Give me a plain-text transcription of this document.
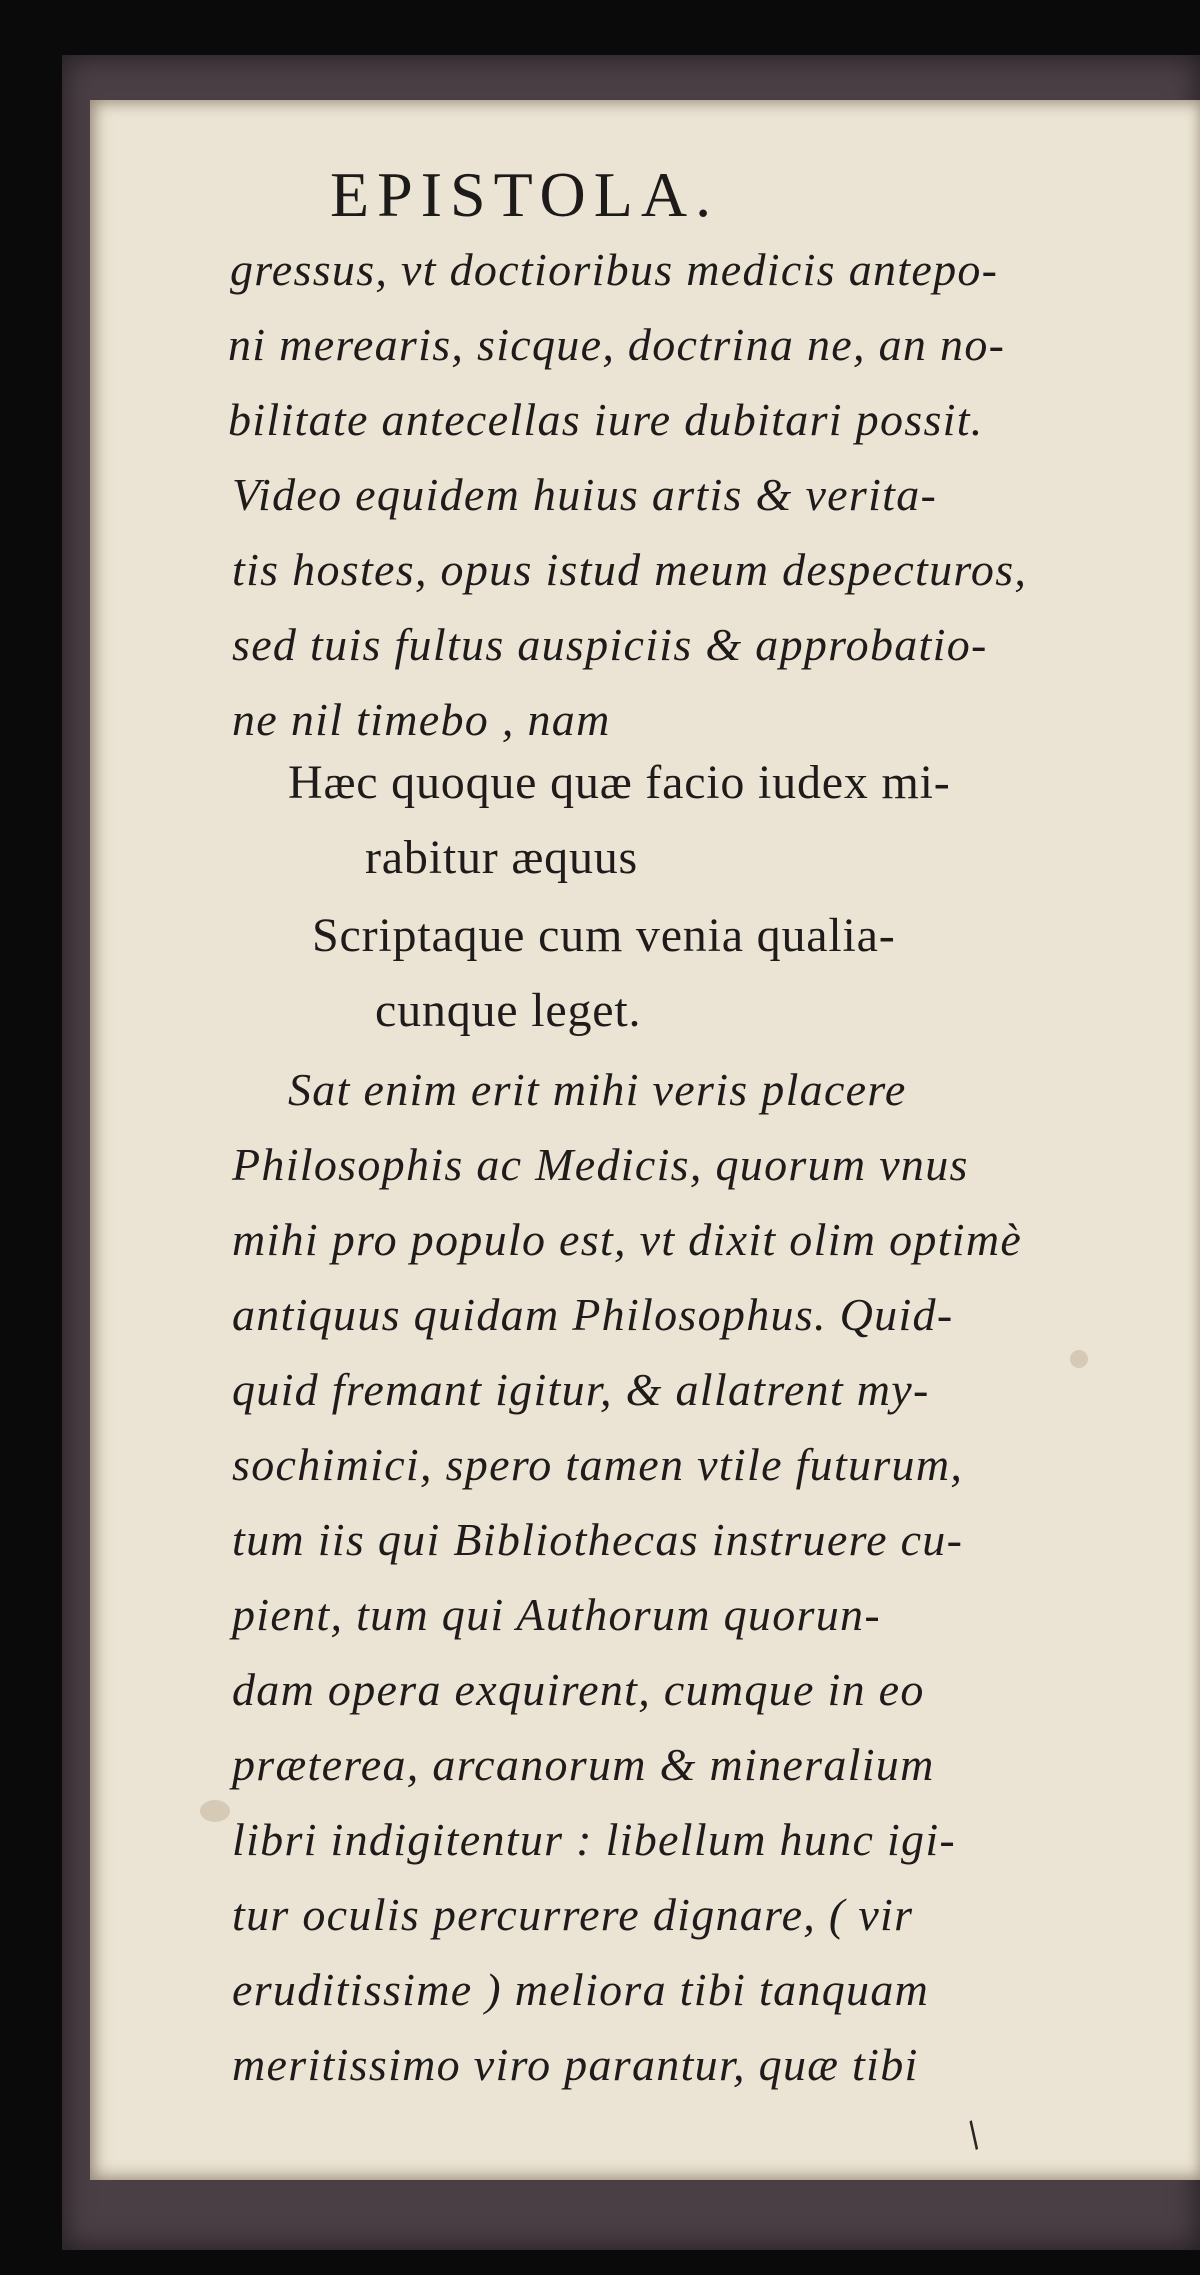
EPISTOLA.
gressus, vt doctioribus medicis antepo-
ni merearis, sicque, doctrina ne, an no-
bilitate antecellas iure dubitari possit.
Video equidem huius artis & verita-
tis hostes, opus istud meum despecturos,
sed tuis fultus auspiciis & approbatio-
ne nil timebo , nam
Hæc quoque quæ facio iudex mi-
rabitur æquus
Scriptaque cum venia qualia-
cunque leget.
Sat enim erit mihi veris placere
Philosophis ac Medicis, quorum vnus
mihi pro populo est, vt dixit olim optimè
antiquus quidam Philosophus. Quid-
quid fremant igitur, & allatrent my-
sochimici, spero tamen vtile futurum,
tum iis qui Bibliothecas instruere cu-
pient, tum qui Authorum quorun-
dam opera exquirent, cumque in eo
præterea, arcanorum & mineralium
libri indigitentur : libellum hunc igi-
tur oculis percurrere dignare, ( vir
eruditissime ) meliora tibi tanquam
meritissimo viro parantur, quæ tibi
/
